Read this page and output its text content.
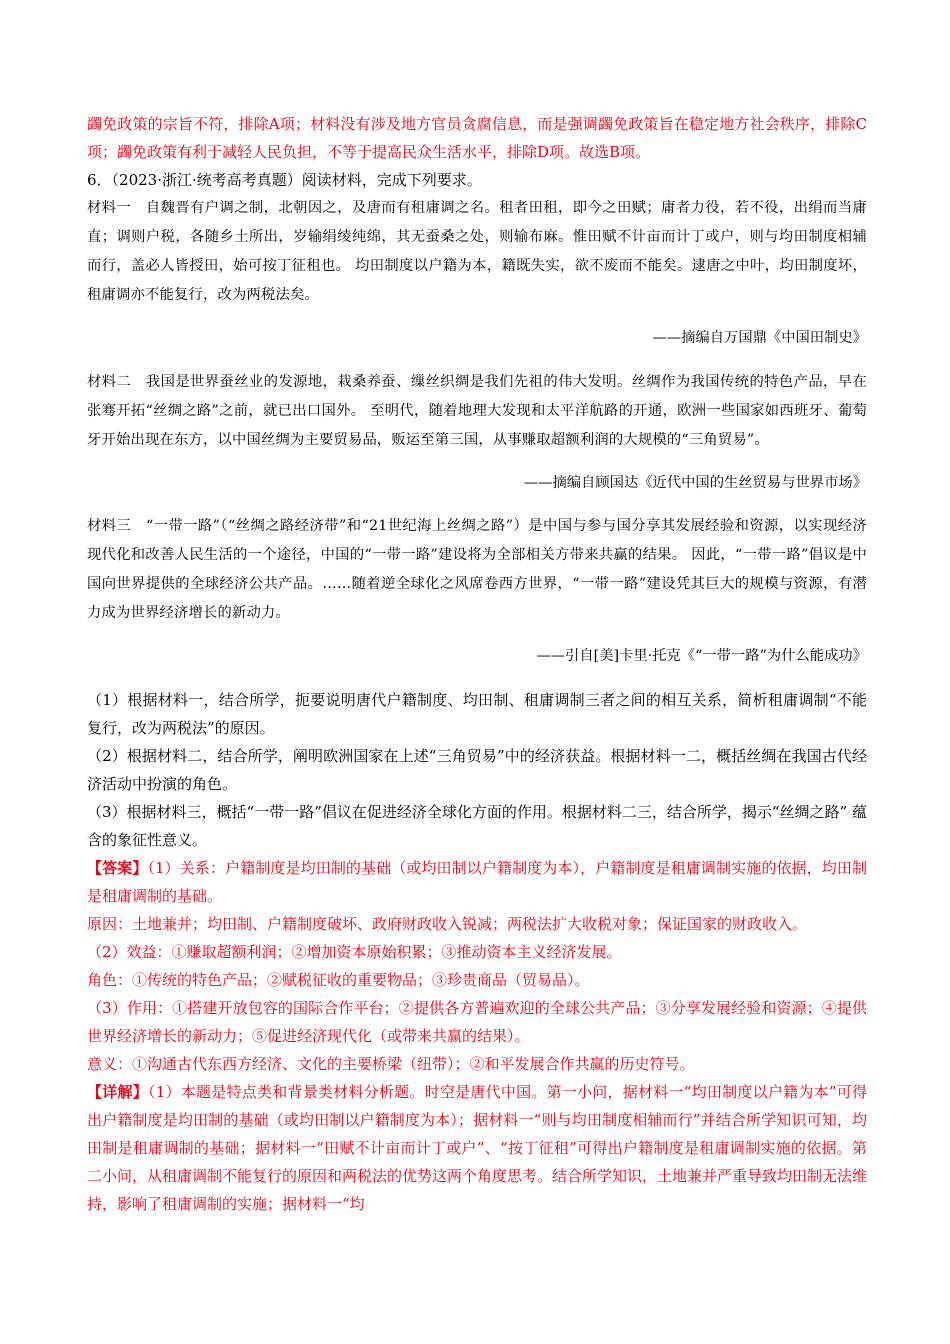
蠲免政策的宗旨不符，排除A项；材料没有涉及地方官员贪腐信息，而是强调蠲免政策旨在稳定地方社会秩序，排除C项；蠲免政策有利于减轻人民负担，不等于提高民众生活水平，排除D项。故选B项。

6．（2023·浙江·统考高考真题）阅读材料，完成下列要求。

材料一　自魏晋有户调之制，北朝因之，及唐而有租庸调之名。租者田租，即今之田赋；庸者力役，若不役，出绢而当庸直；调则户税，各随乡土所出，岁输绢绫纯绵，其无蚕桑之处，则输布麻。惟田赋不计亩而计丁或户，则与均田制度相辅而行，盖必人皆授田，始可按丁征租也。 均田制度以户籍为本，籍既失实，欲不废而不能矣。逮唐之中叶，均田制度坏，租庸调亦不能复行，改为两税法矣。

——摘编自万国鼎《中国田制史》

材料二　我国是世界蚕丝业的发源地，栽桑养蚕、缫丝织绸是我们先祖的伟大发明。丝绸作为我国传统的特色产品，早在张骞开拓“丝绸之路”之前，就已出口国外。 至明代，随着地理大发现和太平洋航路的开通，欧洲一些国家如西班牙、葡萄牙开始出现在东方，以中国丝绸为主要贸易品，贩运至第三国，从事赚取超额利润的大规模的“三角贸易”。

——摘编自顾国达《近代中国的生丝贸易与世界市场》

材料三　“一带一路”（“丝绸之路经济带”和“21世纪海上丝绸之路”）是中国与参与国分享其发展经验和资源，以实现经济现代化和改善人民生活的一个途径，中国的“一带一路”建设将为全部相关方带来共赢的结果。 因此，“一带一路”倡议是中国向世界提供的全球经济公共产品。……随着逆全球化之风席卷西方世界，“一带一路”建设凭其巨大的规模与资源，有潜力成为世界经济增长的新动力。

——引自[美]卡里·托克《“一带一路”为什么能成功》

（1）根据材料一，结合所学，扼要说明唐代户籍制度、均田制、租庸调制三者之间的相互关系，简析租庸调制“不能复行，改为两税法”的原因。

（2）根据材料二，结合所学，阐明欧洲国家在上述“三角贸易”中的经济获益。根据材料一二，概括丝绸在我国古代经济活动中扮演的角色。

（3）根据材料三，概括“一带一路”倡议在促进经济全球化方面的作用。根据材料二三，结合所学，揭示“丝绸之路” 蕴含的象征性意义。

【答案】（1）关系：户籍制度是均田制的基础（或均田制以户籍制度为本），户籍制度是租庸调制实施的依据，均田制是租庸调制的基础。

原因：土地兼并；均田制、户籍制度破坏、政府财政收入锐减；两税法扩大收税对象；保证国家的财政收入。

（2）效益：①赚取超额利润；②增加资本原始积累；③推动资本主义经济发展。

角色：①传统的特色产品；②赋税征收的重要物品；③珍贵商品（贸易品）。

（3）作用：①搭建开放包容的国际合作平台；②提供各方普遍欢迎的全球公共产品；③分享发展经验和资源；④提供世界经济增长的新动力；⑤促进经济现代化（或带来共赢的结果）。

意义：①沟通古代东西方经济、文化的主要桥梁（纽带）；②和平发展合作共赢的历史符号。

【详解】（1）本题是特点类和背景类材料分析题。时空是唐代中国。第一小问，据材料一“均田制度以户籍为本”可得出户籍制度是均田制的基础（或均田制以户籍制度为本）；据材料一“则与均田制度相辅而行”并结合所学知识可知，均田制是租庸调制的基础；据材料一“田赋不计亩而计丁或户”、“按丁征租”可得出户籍制度是租庸调制实施的依据。第二小问，从租庸调制不能复行的原因和两税法的优势这两个角度思考。结合所学知识，土地兼并严重导致均田制无法维持，影响了租庸调制的实施；据材料一“均
